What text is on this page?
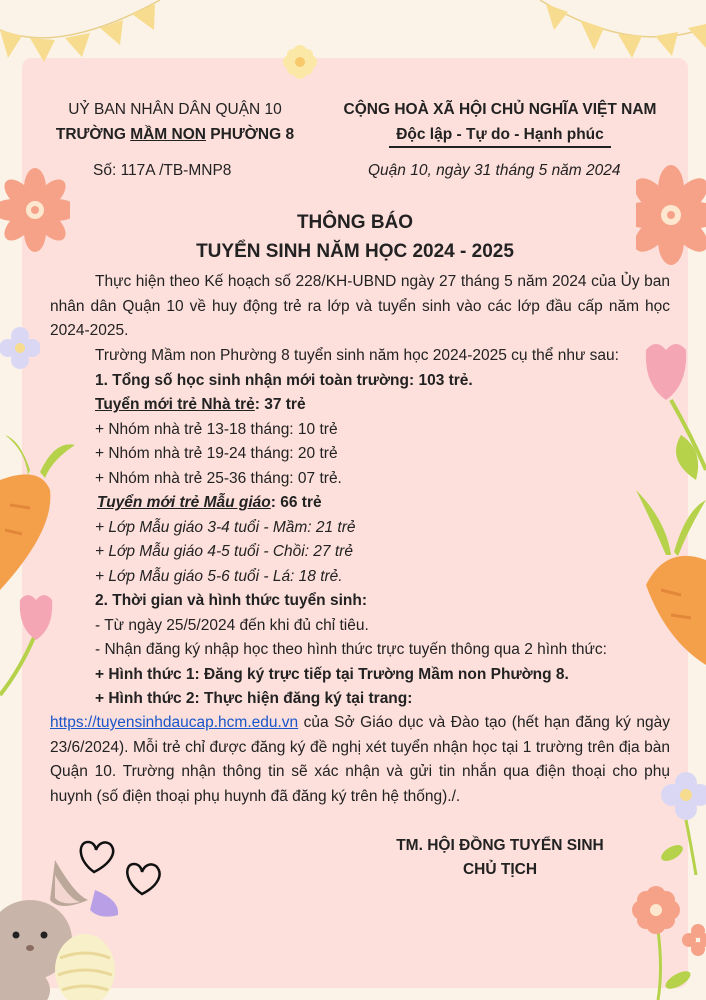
UỶ BAN NHÂN DÂN QUẬN 10
TRƯỜNG MẦM NON PHƯỜNG 8
Số: 117A /TB-MNP8
CỘNG HOÀ XÃ HỘI CHỦ NGHĨA VIỆT NAM
Độc lập - Tự do - Hạnh phúc
Quận 10, ngày 31 tháng 5 năm 2024
THÔNG BÁO
TUYỂN SINH NĂM HỌC 2024 - 2025
Thực hiện theo Kế hoạch số 228/KH-UBND ngày 27 tháng 5 năm 2024 của Ủy ban nhân dân Quận 10 về huy động trẻ ra lớp và tuyển sinh vào các lớp đầu cấp năm học 2024-2025.
Trường Mầm non Phường 8 tuyển sinh năm học 2024-2025 cụ thể như sau:
1. Tổng số học sinh nhận mới toàn trường: 103 trẻ.
Tuyển mới trẻ Nhà trẻ: 37 trẻ
+ Nhóm nhà trẻ 13-18 tháng: 10 trẻ
+ Nhóm nhà trẻ 19-24 tháng: 20 trẻ
+ Nhóm nhà trẻ 25-36 tháng: 07 trẻ.
Tuyển mới trẻ Mẫu giáo: 66 trẻ
+ Lớp Mẫu giáo 3-4 tuổi - Mầm: 21 trẻ
+ Lớp Mẫu giáo 4-5 tuổi - Chồi: 27 trẻ
+ Lớp Mẫu giáo 5-6 tuổi - Lá: 18 trẻ.
2. Thời gian và hình thức tuyển sinh:
- Từ ngày 25/5/2024 đến khi đủ chỉ tiêu.
- Nhận đăng ký nhập học theo hình thức trực tuyến thông qua 2 hình thức:
+ Hình thức 1: Đăng ký trực tiếp tại Trường Mầm non Phường 8.
+ Hình thức 2: Thực hiện đăng ký tại trang:
https://tuyensinhdaucap.hcm.edu.vn của Sở Giáo dục và Đào tạo (hết hạn đăng ký ngày 23/6/2024). Mỗi trẻ chỉ được đăng ký đề nghị xét tuyển nhận học tại 1 trường trên địa bàn Quận 10. Trường nhận thông tin sẽ xác nhận và gửi tin nhắn qua điện thoại cho phụ huynh (số điện thoại phụ huynh đã đăng ký trên hệ thống)./.
TM. HỘI ĐỒNG TUYỂN SINH
CHỦ TỊCH
